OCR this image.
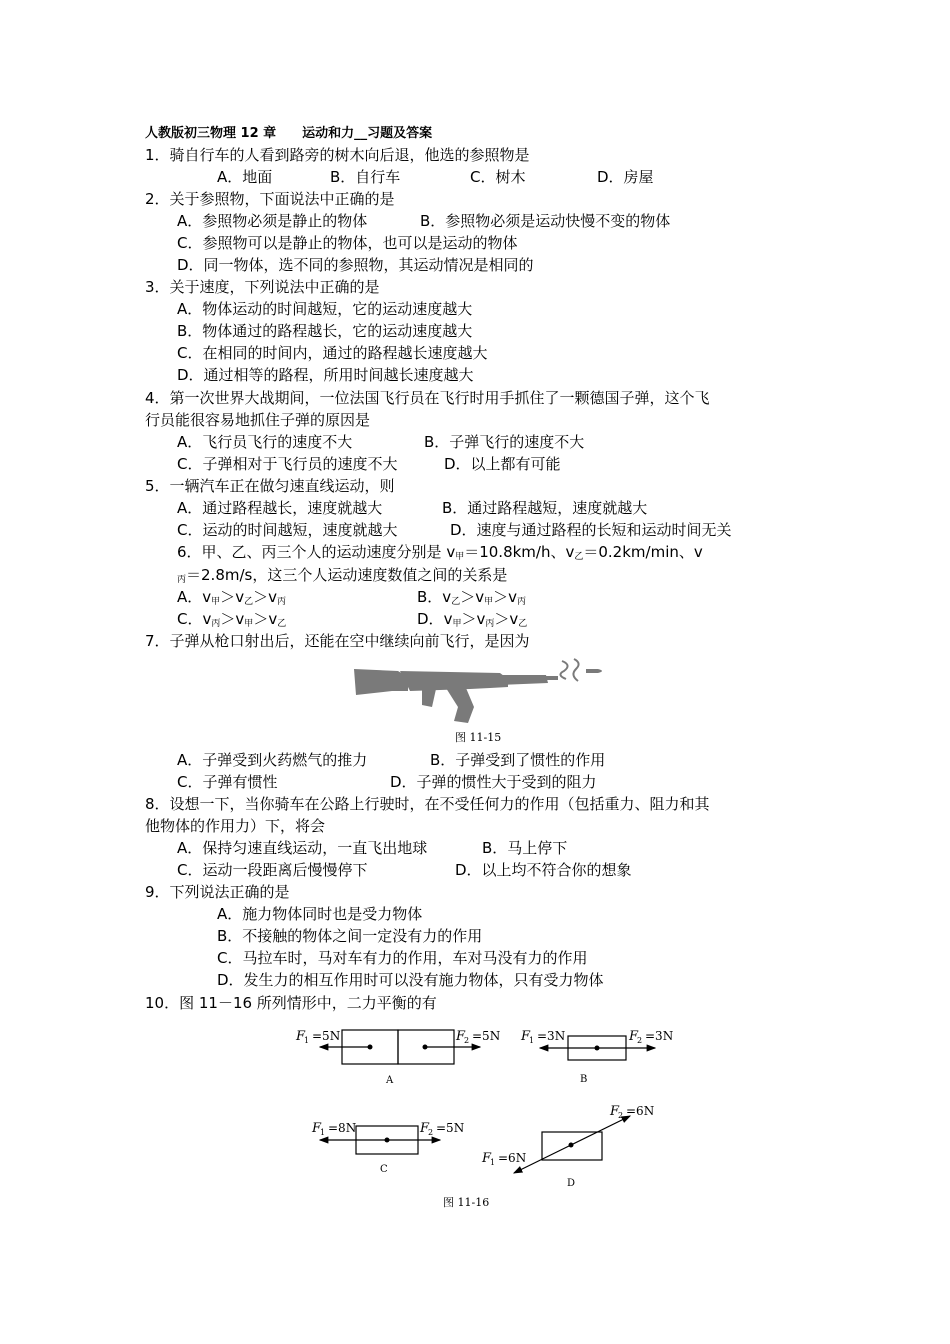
人教版初三物理 12 章　　运动和力__习题及答案
1．骑自行车的人看到路旁的树木向后退，他选的参照物是
A．地面	B．自行车	C．树木	D．房屋
2．关于参照物，下面说法中正确的是
A．参照物必须是静止的物体	B．参照物必须是运动快慢不变的物体
C．参照物可以是静止的物体，也可以是运动的物体
D．同一物体，选不同的参照物，其运动情况是相同的
3．关于速度，下列说法中正确的是
A．物体运动的时间越短，它的运动速度越大
B．物体通过的路程越长，它的运动速度越大
C．在相同的时间内，通过的路程越长速度越大
D．通过相等的路程，所用时间越长速度越大
4．第一次世界大战期间，一位法国飞行员在飞行时用手抓住了一颗德国子弹，这个飞
行员能很容易地抓住子弹的原因是
A．飞行员飞行的速度不大	B．子弹飞行的速度不大
C．子弹相对于飞行员的速度不大	D．以上都有可能
5．一辆汽车正在做匀速直线运动，则
A．通过路程越长，速度就越大	B．通过路程越短，速度就越大
C．运动的时间越短，速度就越大	D．速度与通过路程的长短和运动时间无关
6．甲、乙、丙三个人的运动速度分别是 $v_甲=10.8km/h$、$v_乙=0.2km/\min$、v
$_丙$＝2.8m/s，这三个人运动速度数值之间的关系是
A．$v_甲>v_乙>v_丙$	B．$v_乙>v_甲>v_丙$
C．$v_丙>v_甲>v_乙$	D．$v_甲>v_丙>v_乙$
7．子弹从枪口射出后，还能在空中继续向前飞行，是因为
图 11-15
A．子弹受到火药燃气的推力	B．子弹受到了惯性的作用
C．子弹有惯性	D．子弹的惯性大于受到的阻力
8．设想一下，当你骑车在公路上行驶时，在不受任何力的作用（包括重力、阻力和其
他物体的作用力）下，将会
A．保持匀速直线运动，一直飞出地球	B．马上停下
C．运动一段距离后慢慢停下	D．以上均不符合你的想象
9．下列说法正确的是
A．施力物体同时也是受力物体
B．不接触的物体之间一定没有力的作用
C．马拉车时，马对车有力的作用，车对马没有力的作用
D．发生力的相互作用时可以没有施力物体，只有受力物体
10．图 11－16 所列情形中，二力平衡的有
F
1 =5N	F
2 =5N
A
F
1 =3N	F
2 =3N
B
F
1 =8N	F
2 =5N
C
F
1 =6N
F
2 =6N
D
图 11-16
